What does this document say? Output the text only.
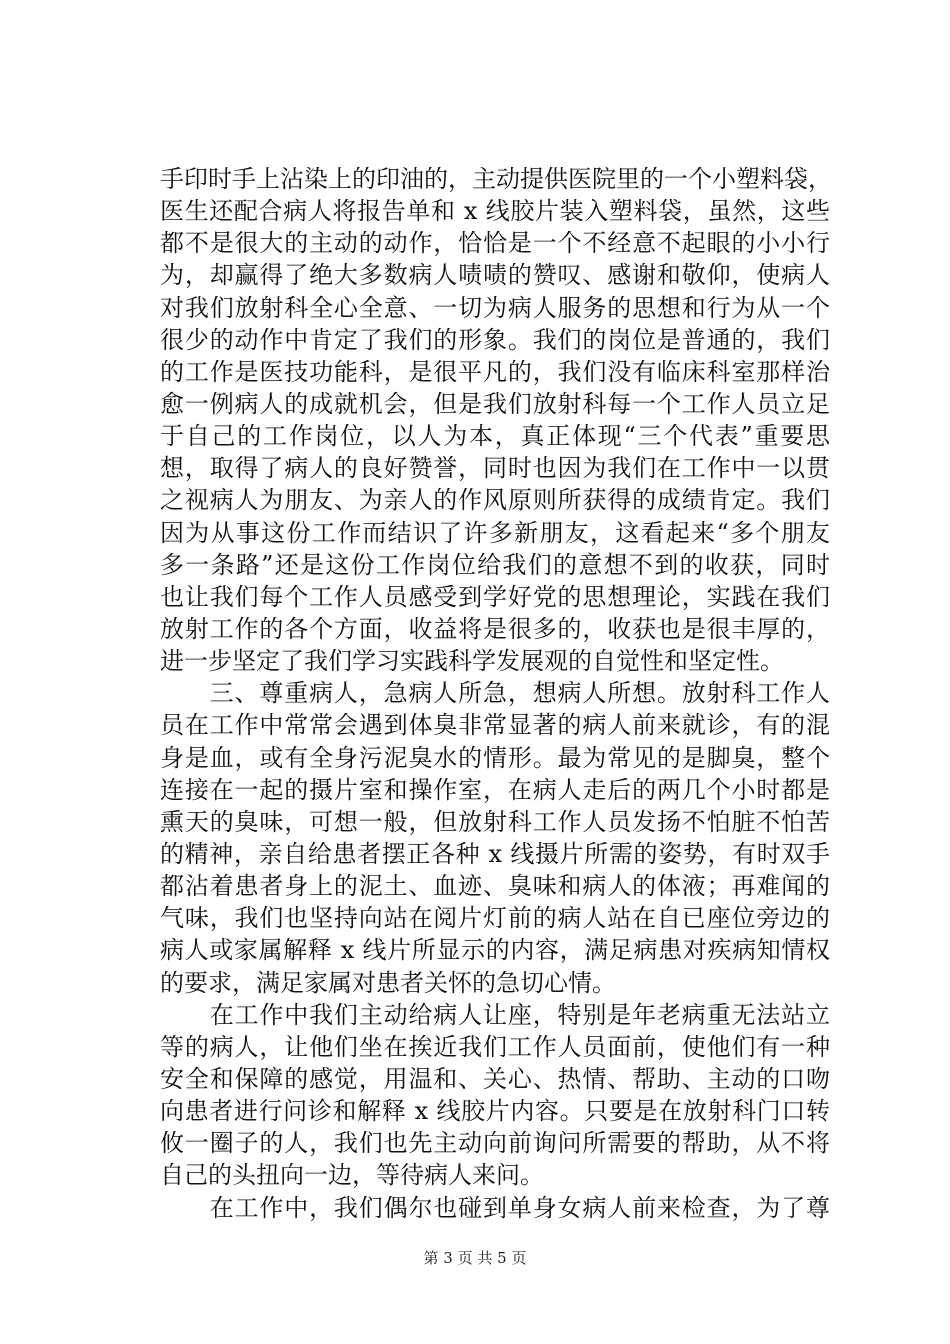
手印时手上沾染上的印油的，主动提供医院里的一个小塑料袋，
医生还配合病人将报告单和 x 线胶片装入塑料袋，虽然，这些
都不是很大的主动的动作，恰恰是一个不经意不起眼的小小行
为，却赢得了绝大多数病人啧啧的赞叹、感谢和敬仰，使病人
对我们放射科全心全意、一切为病人服务的思想和行为从一个
很少的动作中肯定了我们的形象。我们的岗位是普通的，我们
的工作是医技功能科，是很平凡的，我们没有临床科室那样治
愈一例病人的成就机会，但是我们放射科每一个工作人员立足
于自己的工作岗位，以人为本，真正体现“三个代表”重要思
想，取得了病人的良好赞誉，同时也因为我们在工作中一以贯
之视病人为朋友、为亲人的作风原则所获得的成绩肯定。我们
因为从事这份工作而结识了许多新朋友，这看起来“多个朋友
多一条路”还是这份工作岗位给我们的意想不到的收获，同时
也让我们每个工作人员感受到学好党的思想理论，实践在我们
放射工作的各个方面，收益将是很多的，收获也是很丰厚的，
进一步坚定了我们学习实践科学发展观的自觉性和坚定性。
　　三、尊重病人，急病人所急，想病人所想。放射科工作人
员在工作中常常会遇到体臭非常显著的病人前来就诊，有的混
身是血，或有全身污泥臭水的情形。最为常见的是脚臭，整个
连接在一起的摄片室和操作室，在病人走后的两几个小时都是
熏天的臭味，可想一般，但放射科工作人员发扬不怕脏不怕苦
的精神，亲自给患者摆正各种 x 线摄片所需的姿势，有时双手
都沾着患者身上的泥土、血迹、臭味和病人的体液；再难闻的
气味，我们也坚持向站在阅片灯前的病人站在自已座位旁边的
病人或家属解释 x 线片所显示的内容，满足病患对疾病知情权
的要求，满足家属对患者关怀的急切心情。
　　在工作中我们主动给病人让座，特别是年老病重无法站立
等的病人，让他们坐在挨近我们工作人员面前，使他们有一种
安全和保障的感觉，用温和、关心、热情、帮助、主动的口吻
向患者进行问诊和解释 x 线胶片内容。只要是在放射科门口转
攸一圈子的人，我们也先主动向前询问所需要的帮助，从不将
自己的头扭向一边，等待病人来问。
　　在工作中，我们偶尔也碰到单身女病人前来检查，为了尊
第 3 页 共 5 页
